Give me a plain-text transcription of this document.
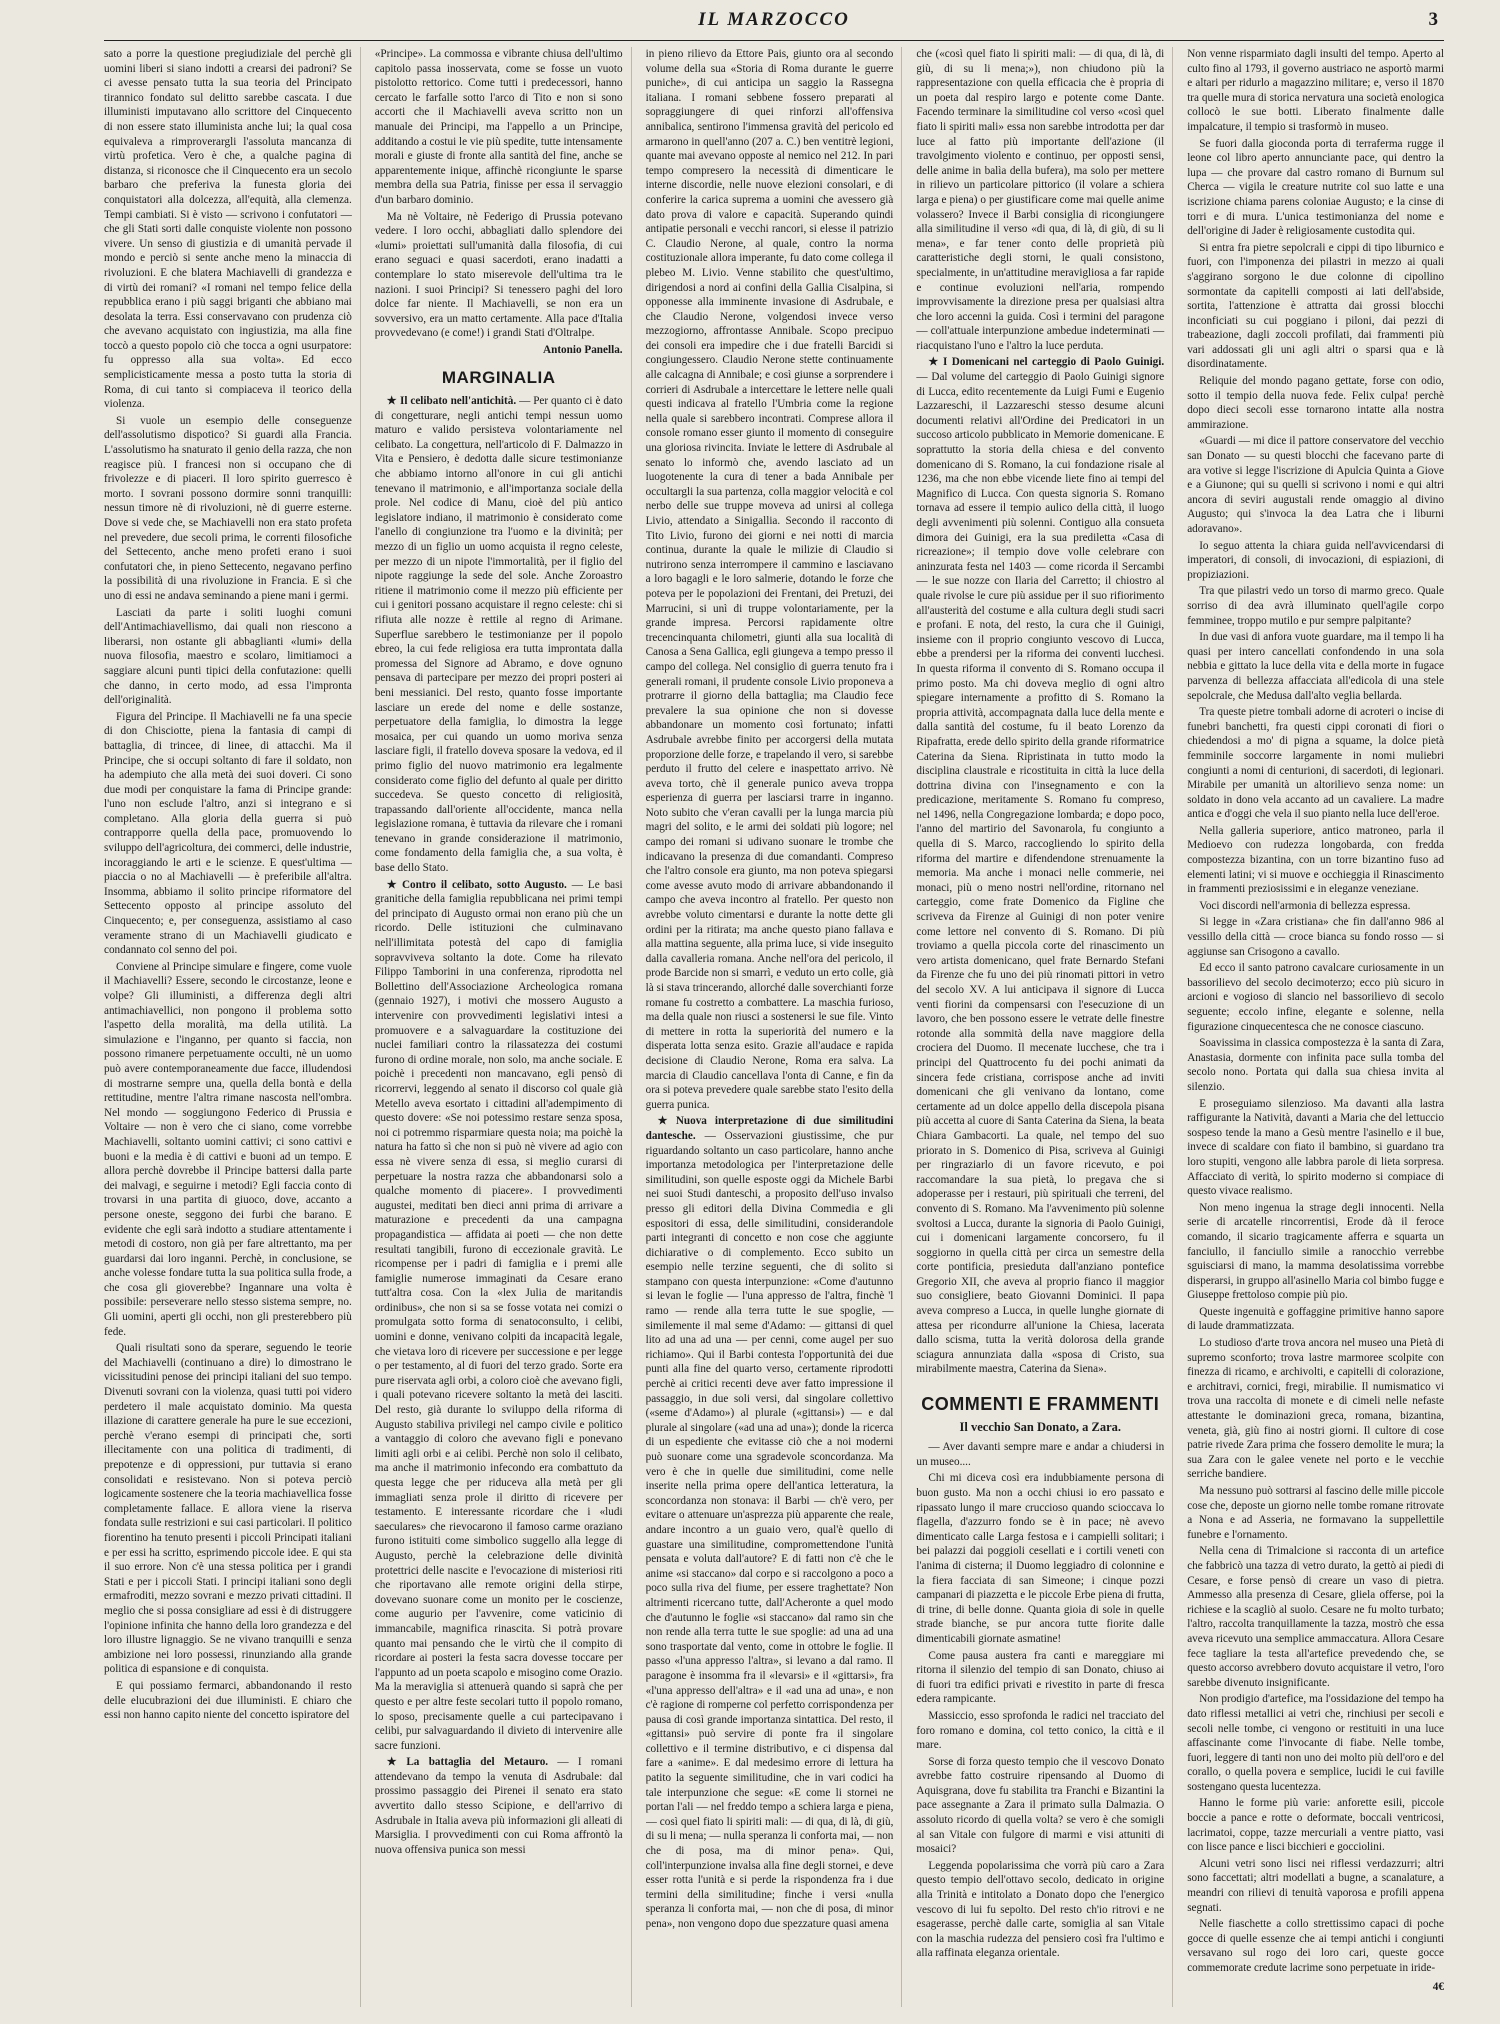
IL MARZOCCO	3

sato a porre la questione pregiudiziale del perchè gli uomini liberi si siano indotti a crearsi dei padroni? Se ci avesse pensato tutta la sua teoria del Principato tirannico fondato sul delitto sarebbe cascata. I due illuministi imputavano allo scrittore del Cinquecento di non essere stato illuminista anche lui; la qual cosa equivaleva a rimproverargli l'assoluta mancanza di virtù profetica. Vero è che, a qualche pagina di distanza, si riconosce che il Cinquecento era un secolo barbaro che preferiva la funesta gloria dei conquistatori alla dolcezza, all'equità, alla clemenza. Tempi cambiati. Si è visto — scrivono i confutatori — che gli Stati sorti dalle conquiste violente non possono vivere. Un senso di giustizia e di umanità pervade il mondo e perciò si sente anche meno la minaccia di rivoluzioni. E che blatera Machiavelli di grandezza e di virtù dei romani? «I romani nel tempo felice della repubblica erano i più saggi briganti che abbiano mai desolata la terra. Essi conservavano con prudenza ciò che avevano acquistato con ingiustizia, ma alla fine toccò a questo popolo ciò che tocca a ogni usurpatore: fu oppresso alla sua volta». Ed ecco semplicisticamente messa a posto tutta la storia di Roma, di cui tanto si compiaceva il teorico della violenza.

Si vuole un esempio delle conseguenze dell'assolutismo dispotico? Si guardi alla Francia. L'assolutismo ha snaturato il genio della razza, che non reagisce più. I francesi non si occupano che di frivolezze e di piaceri. Il loro spirito guerresco è morto. I sovrani possono dormire sonni tranquilli: nessun timore nè di rivoluzioni, nè di guerre esterne. Dove si vede che, se Machiavelli non era stato profeta nel prevedere, due secoli prima, le correnti filosofiche del Settecento, anche meno profeti erano i suoi confutatori che, in pieno Settecento, negavano perfino la possibilità di una rivoluzione in Francia. E sì che uno di essi ne andava seminando a piene mani i germi.

Lasciati da parte i soliti luoghi comuni dell'Antimachiavellismo, dai quali non riescono a liberarsi, non ostante gli abbaglianti «lumi» della nuova filosofia, maestro e scolaro, limitiamoci a saggiare alcuni punti tipici della confutazione: quelli che danno, in certo modo, ad essa l'impronta dell'originalità.

Figura del Principe. Il Machiavelli ne fa una specie di don Chisciotte, piena la fantasia di campi di battaglia, di trincee, di linee, di attacchi. Ma il Principe, che si occupi soltanto di fare il soldato, non ha adempiuto che alla metà dei suoi doveri. Ci sono due modi per conquistare la fama di Principe grande: l'uno non esclude l'altro, anzi si integrano e si completano. Alla gloria della guerra si può contrapporre quella della pace, promuovendo lo sviluppo dell'agricoltura, dei commerci, delle industrie, incoraggiando le arti e le scienze. E quest'ultima — piaccia o no al Machiavelli — è preferibile all'altra. Insomma, abbiamo il solito principe riformatore del Settecento opposto al principe assoluto del Cinquecento; e, per conseguenza, assistiamo al caso veramente strano di un Machiavelli giudicato e condannato col senno del poi.

Conviene al Principe simulare e fingere, come vuole il Machiavelli? Essere, secondo le circostanze, leone e volpe? Gli illuministi, a differenza degli altri antimachiavellici, non pongono il problema sotto l'aspetto della moralità, ma della utilità. La simulazione e l'inganno, per quanto si faccia, non possono rimanere perpetuamente occulti, nè un uomo può avere contemporaneamente due facce, illudendosi di mostrarne sempre una, quella della bontà e della rettitudine, mentre l'altra rimane nascosta nell'ombra. Nel mondo — soggiungono Federico di Prussia e Voltaire — non è vero che ci siano, come vorrebbe Machiavelli, soltanto uomini cattivi; ci sono cattivi e buoni e la media è di cattivi e buoni ad un tempo. E allora perchè dovrebbe il Principe battersi dalla parte dei malvagi, e seguirne i metodi? Egli faccia conto di trovarsi in una partita di giuoco, dove, accanto a persone oneste, seggono dei furbi che barano. E evidente che egli sarà indotto a studiare attentamente i metodi di costoro, non già per fare altrettanto, ma per guardarsi dai loro inganni. Perchè, in conclusione, se anche volesse fondare tutta la sua politica sulla frode, a che cosa gli gioverebbe? Ingannare una volta è possibile: perseverare nello stesso sistema sempre, no. Gli uomini, aperti gli occhi, non gli presterebbero più fede.

Quali risultati sono da sperare, seguendo le teorie del Machiavelli (continuano a dire) lo dimostrano le vicissitudini penose dei principi italiani del suo tempo. Divenuti sovrani con la violenza, quasi tutti poi videro perdetero il male acquistato dominio. Ma questa illazione di carattere generale ha pure le sue eccezioni, perchè v'erano esempi di principati che, sorti illecitamente con una politica di tradimenti, di prepotenze e di oppressioni, pur tuttavia si erano consolidati e resistevano. Non si poteva perciò logicamente sostenere che la teoria machiavellica fosse completamente fallace. E allora viene la riserva fondata sulle restrizioni e sui casi particolari. Il politico fiorentino ha tenuto presenti i piccoli Principati italiani e per essi ha scritto, esprimendo piccole idee. E qui sta il suo errore. Non c'è una stessa politica per i grandi Stati e per i piccoli Stati. I principi italiani sono degli ermafroditi, mezzo sovrani e mezzo privati cittadini. Il meglio che si possa consigliare ad essi è di distruggere l'opinione infinita che hanno della loro grandezza e del loro illustre lignaggio. Se ne vivano tranquilli e senza ambizione nei loro possessi, rinunziando alla grande politica di espansione e di conquista.

E qui possiamo fermarci, abbandonando il resto delle elucubrazioni dei due illuministi. E chiaro che essi non hanno capito niente del concetto ispiratore del

«Principe». La commossa e vibrante chiusa dell'ultimo capitolo passa inosservata, come se fosse un vuoto pistolotto rettorico. Come tutti i predecessori, hanno cercato le farfalle sotto l'arco di Tito e non si sono accorti che il Machiavelli aveva scritto non un manuale dei Principi, ma l'appello a un Principe, additando a costui le vie più spedite, tutte intensamente morali e giuste di fronte alla santità del fine, anche se apparentemente inique, affinchè ricongiunte le sparse membra della sua Patria, finisse per essa il servaggio d'un barbaro dominio.

Ma nè Voltaire, nè Federigo di Prussia potevano vedere. I loro occhi, abbagliati dallo splendore dei «lumi» proiettati sull'umanità dalla filosofia, di cui erano seguaci e quasi sacerdoti, erano inadatti a contemplare lo stato miserevole dell'ultima tra le nazioni. I suoi Principi? Si tenessero paghi del loro dolce far niente. Il Machiavelli, se non era un sovversivo, era un matto certamente. Alla pace d'Italia provvedevano (e come!) i grandi Stati d'Oltralpe.

Antonio Panella.
MARGINALIA

★ Il celibato nell'antichità. — Per quanto ci è dato di congetturare, negli antichi tempi nessun uomo maturo e valido persisteva volontariamente nel celibato. La congettura, nell'articolo di F. Dalmazzo in Vita e Pensiero, è dedotta dalle sicure testimonianze che abbiamo intorno all'onore in cui gli antichi tenevano il matrimonio, e all'importanza sociale della prole. Nel codice di Manu, cioè del più antico legislatore indiano, il matrimonio è considerato come l'anello di congiunzione tra l'uomo e la divinità; per mezzo di un figlio un uomo acquista il regno celeste, per mezzo di un nipote l'immortalità, per il figlio del nipote raggiunge la sede del sole. Anche Zoroastro ritiene il matrimonio come il mezzo più efficiente per cui i genitori possano acquistare il regno celeste: chi si rifiuta alle nozze è rettile al regno di Arimane. Superflue sarebbero le testimonianze per il popolo ebreo, la cui fede religiosa era tutta improntata dalla promessa del Signore ad Abramo, e dove ognuno pensava di partecipare per mezzo dei propri posteri ai beni messianici. Del resto, quanto fosse importante lasciare un erede del nome e delle sostanze, perpetuatore della famiglia, lo dimostra la legge mosaica, per cui quando un uomo moriva senza lasciare figli, il fratello doveva sposare la vedova, ed il primo figlio del nuovo matrimonio era legalmente considerato come figlio del defunto al quale per diritto succedeva. Se questo concetto di religiosità, trapassando dall'oriente all'occidente, manca nella legislazione romana, è tuttavia da rilevare che i romani tenevano in grande considerazione il matrimonio, come fondamento della famiglia che, a sua volta, è base dello Stato.

★ Contro il celibato, sotto Augusto. — Le basi granitiche della famiglia repubblicana nei primi tempi del principato di Augusto ormai non erano più che un ricordo. Delle istituzioni che culminavano nell'illimitata potestà del capo di famiglia sopravviveva soltanto la dote. Come ha rilevato Filippo Tamborini in una conferenza, riprodotta nel Bollettino dell'Associazione Archeologica romana (gennaio 1927), i motivi che mossero Augusto a intervenire con provvedimenti legislativi intesi a promuovere e a salvaguardare la costituzione dei nuclei familiari contro la rilassatezza dei costumi furono di ordine morale, non solo, ma anche sociale. E poichè i precedenti non mancavano, egli pensò di ricorrervi, leggendo al senato il discorso col quale già Metello aveva esortato i cittadini all'adempimento di questo dovere: «Se noi potessimo restare senza sposa, noi ci potremmo risparmiare questa noia; ma poichè la natura ha fatto sì che non si può nè vivere ad agio con essa nè vivere senza di essa, si meglio curarsi di perpetuare la nostra razza che abbandonarsi solo a qualche momento di piacere». I provvedimenti augustei, meditati ben dieci anni prima di arrivare a maturazione e precedenti da una campagna propagandistica — affidata ai poeti — che non dette resultati tangibili, furono di eccezionale gravità. Le ricompense per i padri di famiglia e i premi alle famiglie numerose immaginati da Cesare erano tutt'altra cosa. Con la «lex Julia de maritandis ordinibus», che non si sa se fosse votata nei comizi o promulgata sotto forma di senatoconsulto, i celibi, uomini e donne, venivano colpiti da incapacità legale, che vietava loro di ricevere per successione e per legge o per testamento, al di fuori del terzo grado. Sorte era pure riservata agli orbi, a coloro cioè che avevano figli, i quali potevano ricevere soltanto la metà dei lasciti. Del resto, già durante lo sviluppo della riforma di Augusto stabiliva privilegi nel campo civile e politico a vantaggio di coloro che avevano figli e ponevano limiti agli orbi e ai celibi. Perchè non solo il celibato, ma anche il matrimonio infecondo era combattuto da questa legge che per riduceva alla metà per gli immagliati senza prole il diritto di ricevere per testamento. E interessante ricordare che i «ludi saeculares» che rievocarono il famoso carme oraziano furono istituiti come simbolico suggello alla legge di Augusto, perchè la celebrazione delle divinità protettrici delle nascite e l'evocazione di misteriosi riti che riportavano alle remote origini della stirpe, dovevano suonare come un monito per le coscienze, come augurio per l'avvenire, come vaticinio di immancabile, magnifica rinascita. Si potrà provare quanto mai pensando che le virtù che il compito di ricordare ai posteri la festa sacra dovesse toccare per l'appunto ad un poeta scapolo e misogino come Orazio. Ma la meraviglia si attenuerà quando si saprà che per questo e per altre feste secolari tutto il popolo romano, lo sposo, precisamente quelle a cui partecipavano i celibi, pur salvaguardando il divieto di intervenire alle sacre funzioni.

★ La battaglia del Metauro. — I romani attendevano da tempo la venuta di Asdrubale: dal prossimo passaggio dei Pirenei il senato era stato avvertito dallo stesso Scipione, e dell'arrivo di Asdrubale in Italia aveva più informazioni gli alleati di Marsiglia. I provvedimenti con cui Roma affrontò la nuova offensiva punica son messi

in pieno rilievo da Ettore Pais, giunto ora al secondo volume della sua «Storia di Roma durante le guerre puniche», di cui anticipa un saggio la Rassegna italiana. I romani sebbene fossero preparati al sopraggiungere di quei rinforzi all'offensiva annibalica, sentirono l'immensa gravità del pericolo ed armarono in quell'anno (207 a. C.) ben ventitrè legioni, quante mai avevano opposte al nemico nel 212. In pari tempo compresero la necessità di dimenticare le interne discordie, nelle nuove elezioni consolari, e di conferire la carica suprema a uomini che avessero già dato prova di valore e capacità. Superando quindi antipatie personali e vecchi rancori, si elesse il patrizio C. Claudio Nerone, al quale, contro la norma costituzionale allora imperante, fu dato come collega il plebeo M. Livio. Venne stabilito che quest'ultimo, dirigendosi a nord ai confini della Gallia Cisalpina, si opponesse alla imminente invasione di Asdrubale, e che Claudio Nerone, volgendosi invece verso mezzogiorno, affrontasse Annibale. Scopo precipuo dei consoli era impedire che i due fratelli Barcidi si congiungessero. Claudio Nerone stette continuamente alle calcagna di Annibale; e così giunse a sorprendere i corrieri di Asdrubale a intercettare le lettere nelle quali questi indicava al fratello l'Umbria come la regione nella quale si sarebbero incontrati. Comprese allora il console romano esser giunto il momento di conseguire una gloriosa rivincita. Inviate le lettere di Asdrubale al senato lo informò che, avendo lasciato ad un luogotenente la cura di tener a bada Annibale per occultargli la sua partenza, colla maggior velocità e col nerbo delle sue truppe moveva ad unirsi al collega Livio, attendato a Sinigallia. Secondo il racconto di Tito Livio, furono dei giorni e nei notti di marcia continua, durante la quale le milizie di Claudio si nutrirono senza interrompere il cammino e lasciavano a loro bagagli e le loro salmerie, dotando le forze che poteva per le popolazioni dei Frentani, dei Pretuzi, dei Marrucini, si unì di truppe volontariamente, per la grande impresa. Percorsi rapidamente oltre trecencinquanta chilometri, giunti alla sua località di Canosa a Sena Gallica, egli giungeva a tempo presso il campo del collega. Nel consiglio di guerra tenuto fra i generali romani, il prudente console Livio proponeva a protrarre il giorno della battaglia; ma Claudio fece prevalere la sua opinione che non si dovesse abbandonare un momento così fortunato; infatti Asdrubale avrebbe finito per accorgersi della mutata proporzione delle forze, e trapelando il vero, si sarebbe perduto il frutto del celere e inaspettato arrivo. Nè aveva torto, chè il generale punico aveva troppa esperienza di guerra per lasciarsi trarre in inganno. Noto subito che v'eran cavalli per la lunga marcia più magri del solito, e le armi dei soldati più logore; nel campo dei romani si udivano suonare le trombe che indicavano la presenza di due comandanti. Compreso che l'altro console era giunto, ma non poteva spiegarsi come avesse avuto modo di arrivare abbandonando il campo che aveva incontro al fratello. Per questo non avrebbe voluto cimentarsi e durante la notte dette gli ordini per la ritirata; ma anche questo piano fallava e alla mattina seguente, alla prima luce, si vide inseguito dalla cavalleria romana. Anche nell'ora del pericolo, il prode Barcide non si smarrì, e veduto un erto colle, già là si stava trincerando, allorché dalle soverchianti forze romane fu costretto a combattere. La maschia furioso, ma della quale non riusci a sostenersi le sue file. Vinto di mettere in rotta la superiorità del numero e la disperata lotta senza esito. Grazie all'audace e rapida decisione di Claudio Nerone, Roma era salva. La marcia di Claudio cancellava l'onta di Canne, e fin da ora si poteva prevedere quale sarebbe stato l'esito della guerra punica.

★ Nuova interpretazione di due similitudini dantesche. — Osservazioni giustissime, che pur riguardando soltanto un caso particolare, hanno anche importanza metodologica per l'interpretazione delle similitudini, son quelle esposte oggi da Michele Barbi nei suoi Studi danteschi, a proposito dell'uso invalso presso gli editori della Divina Commedia e gli espositori di essa, delle similitudini, considerandole parti integranti di concetto e non cose che aggiunte dichiarative o di complemento. Ecco subito un esempio nelle terzine seguenti, che di solito si stampano con questa interpunzione: «Come d'autunno si levan le foglie — l'una appresso de l'altra, finchè 'l ramo — rende alla terra tutte le sue spoglie, — similemente il mal seme d'Adamo: — gittansi di quel lito ad una ad una — per cenni, come augel per suo richiamo». Qui il Barbi contesta l'opportunità dei due punti alla fine del quarto verso, certamente riprodotti perchè ai critici recenti deve aver fatto impressione il passaggio, in due soli versi, dal singolare collettivo («seme d'Adamo») al plurale («gittansi») — e dal plurale al singolare («ad una ad una»); donde la ricerca di un espediente che evitasse ciò che a noi moderni può suonare come una sgradevole sconcordanza. Ma vero è che in quelle due similitudini, come nelle inserite nella prima opere dell'antica letteratura, la sconcordanza non stonava: il Barbi — ch'è vero, per evitare o attenuare un'asprezza più apparente che reale, andare incontro a un guaio vero, qual'è quello di guastare una similitudine, compromettendone l'unità pensata e voluta dall'autore? E di fatti non c'è che le anime «si staccano» dal corpo e si raccolgono a poco a poco sulla riva del fiume, per essere traghettate? Non altrimenti ricercano tutte, dall'Acheronte a quel modo che d'autunno le foglie «si staccano» dal ramo sin che non rende alla terra tutte le sue spoglie: ad una ad una sono trasportate dal vento, come in ottobre le foglie. Il passo «l'una appresso l'altra», si levano a dal ramo. Il paragone è insomma fra il «levarsi» e il «gittarsi», fra «l'una appresso dell'altra» e il «ad una ad una», e non c'è ragione di romperne col perfetto corrispondenza per pausa di così grande importanza sintattica. Del resto, il «gittansi» può servire di ponte fra il singolare collettivo e il termine distributivo, e ci dispensa dal fare a «anime». E dal medesimo errore di lettura ha patito la seguente similitudine, che in vari codici ha tale interpunzione che segue: «E come li stornei ne portan l'ali — nel freddo tempo a schiera larga e piena, — così quel fiato li spiriti mali: — di qua, di là, di giù, di su li mena; — nulla speranza li conforta mai, — non che di posa, ma di minor pena». Qui, coll'interpunzione invalsa alla fine degli stornei, e deve esser rotta l'unità e si perde la rispondenza fra i due termini della similitudine; finche i versi «nulla speranza li conforta mai, — non che di posa, di minor pena», non vengono dopo due spezzature quasi amena

che («così quel fiato li spiriti mali: — di qua, di là, di giù, di su li mena;»), non chiudono più la rappresentazione con quella efficacia che è propria di un poeta dal respiro largo e potente come Dante. Facendo terminare la similitudine col verso «così quel fiato li spiriti mali» essa non sarebbe introdotta per dar luce al fatto più importante dell'azione (il travolgimento violento e continuo, per opposti sensi, delle anime in balìa della bufera), ma solo per mettere in rilievo un particolare pittorico (il volare a schiera larga e piena) o per giustificare come mai quelle anime volassero? Invece il Barbi consiglia di ricongiungere alla similitudine il verso «di qua, di là, di giù, di su li mena», e far tener conto delle proprietà più caratteristiche degli storni, le quali consistono, specialmente, in un'attitudine meravigliosa a far rapide e continue evoluzioni nell'aria, rompendo improvvisamente la direzione presa per qualsiasi altra che loro accenni la guida. Così i termini del paragone — coll'attuale interpunzione ambedue indeterminati — riacquistano l'uno e l'altro la luce perduta.

★ I Domenicani nel carteggio di Paolo Guinigi. — Dal volume del carteggio di Paolo Guinigi signore di Lucca, edito recentemente da Luigi Fumi e Eugenio Lazzareschi, il Lazzareschi stesso desume alcuni documenti relativi all'Ordine dei Predicatori in un succoso articolo pubblicato in Memorie domenicane. E soprattutto la storia della chiesa e del convento domenicano di S. Romano, la cui fondazione risale al 1236, ma che non ebbe vicende liete fino ai tempi del Magnifico di Lucca. Con questa signoria S. Romano tornava ad essere il tempio aulico della città, il luogo degli avvenimenti più solenni. Contiguo alla consueta dimora dei Guinigi, era la sua prediletta «Casa di ricreazione»; il tempio dove volle celebrare con aninzurata festa nel 1403 — come ricorda il Sercambi — le sue nozze con Ilaria del Carretto; il chiostro al quale rivolse le cure più assidue per il suo rifiorimento all'austerità del costume e alla cultura degli studi sacri e profani. E nota, del resto, la cura che il Guinigi, insieme con il proprio congiunto vescovo di Lucca, ebbe a prendersi per la riforma dei conventi lucchesi. In questa riforma il convento di S. Romano occupa il primo posto. Ma chi doveva meglio di ogni altro spiegare internamente a profitto di S. Romano la propria attività, accompagnata dalla luce della mente e dalla santità del costume, fu il beato Lorenzo da Ripafratta, erede dello spirito della grande riformatrice Caterina da Siena. Ripristinata in tutto modo la disciplina claustrale e ricostituita in città la luce della dottrina divina con l'insegnamento e con la predicazione, meritamente S. Romano fu compreso, nel 1496, nella Congregazione lombarda; e dopo poco, l'anno del martirio del Savonarola, fu congiunto a quella di S. Marco, raccogliendo lo spirito della riforma del martire e difendendone strenuamente la memoria. Ma anche i monaci nelle commerie, nei monaci, più o meno nostri nell'ordine, ritornano nel carteggio, come frate Domenico da Figline che scriveva da Firenze al Guinigi di non poter venire come lettore nel convento di S. Romano. Di più troviamo a quella piccola corte del rinascimento un vero artista domenicano, quel frate Bernardo Stefani da Firenze che fu uno dei più rinomati pittori in vetro del secolo XV. A lui anticipava il signore di Lucca venti fiorini da compensarsi con l'esecuzione di un lavoro, che ben possono essere le vetrate delle finestre rotonde alla sommità della nave maggiore della crociera del Duomo. Il mecenate lucchese, che tra i principi del Quattrocento fu dei pochi animati da sincera fede cristiana, corrispose anche ad inviti domenicani che gli venivano da lontano, come certamente ad un dolce appello della discepola pisana più accetta al cuore di Santa Caterina da Siena, la beata Chiara Gambacorti. La quale, nel tempo del suo priorato in S. Domenico di Pisa, scriveva al Guinigi per ringraziarlo di un favore ricevuto, e poi raccomandare la sua pietà, lo pregava che si adoperasse per i restauri, più spirituali che terreni, del convento di S. Romano. Ma l'avvenimento più solenne svoltosi a Lucca, durante la signoria di Paolo Guinigi, cui i domenicani largamente concorsero, fu il soggiorno in quella città per circa un semestre della corte pontificia, presieduta dall'anziano pontefice Gregorio XII, che aveva al proprio fianco il maggior suo consigliere, beato Giovanni Dominici. Il papa aveva compreso a Lucca, in quelle lunghe giornate di attesa per ricondurre all'unione la Chiesa, lacerata dallo scisma, tutta la verità dolorosa della grande sciagura annunziata dalla «sposa di Cristo, sua mirabilmente maestra, Caterina da Siena».

COMMENTI E FRAMMENTI
Il vecchio San Donato, a Zara.

— Aver davanti sempre mare e andar a chiudersi in un museo....

Chi mi diceva così era indubbiamente persona di buon gusto. Ma non a occhi chiusi io ero passato e ripassato lungo il mare cruccioso quando scioccava lo flagella, d'azzurro fondo se è in pace; nè avevo dimenticato calle Larga festosa e i campielli solitari; i bei palazzi dai poggioli cesellati e i cortili veneti con l'anima di cisterna; il Duomo leggiadro di colonnine e la fiera facciata di san Simeone; i cinque pozzi campanari di piazzetta e le piccole Erbe piena di frutta, di trine, di belle donne. Quanta gioia di sole in quelle strade bianche, se pur ancora tutte fiorite dalle dimenticabili giornate asmatine!

Come pausa austera fra canti e mareggiare mi ritorna il silenzio del tempio di san Donato, chiuso ai di fuori tra edifici privati e rivestito in parte di fresca edera rampicante.

Massiccio, esso sprofonda le radici nel tracciato del foro romano e domina, col tetto conico, la città e il mare.

Sorse di forza questo tempio che il vescovo Donato avrebbe fatto costruire ripensando al Duomo di Aquisgrana, dove fu stabilita tra Franchi e Bizantini la pace assegnante a Zara il primato sulla Dalmazia. O assoluto ricordo di quella volta? se vero è che somigli al san Vitale con fulgore di marmi e visi attuniti di mosaici?

Leggenda popolarissima che vorrà più caro a Zara questo tempio dell'ottavo secolo, dedicato in origine alla Trinità e intitolato a Donato dopo che l'energico vescovo di lui fu sepolto. Del resto ch'io ritrovi e ne esagerasse, perchè dalle carte, somiglia al san Vitale con la maschia rudezza del pensiero così fra l'ultimo e alla raffinata eleganza orientale.

Non venne risparmiato dagli insulti del tempo. Aperto al culto fino al 1793, il governo austriaco ne asportò marmi e altari per ridurlo a magazzino militare; e, verso il 1870 tra quelle mura di storica nervatura una società enologica collocò le sue botti. Liberato finalmente dalle impalcature, il tempio si trasformò in museo.

Se fuori dalla gioconda porta di terraferma rugge il leone col libro aperto annunciante pace, qui dentro la lupa — che provare dal castro romano di Burnum sul Cherca — vigila le creature nutrite col suo latte e una iscrizione chiama parens coloniae Augusto; e la cinse di torri e di mura. L'unica testimonianza del nome e dell'origine di Jader è religiosamente custodita qui.

Si entra fra pietre sepolcrali e cippi di tipo liburnico e fuori, con l'imponenza dei pilastri in mezzo ai quali s'aggirano sorgono le due colonne di cipollino sormontate da capitelli composti ai lati dell'abside, sortita, l'attenzione è attratta dai grossi blocchi inconficiati su cui poggiano i piloni, dai pezzi di trabeazione, dagli zoccoli profilati, dai frammenti più vari addossati gli uni agli altri o sparsi qua e là disordinatamente.

Reliquie del mondo pagano gettate, forse con odio, sotto il tempio della nuova fede. Felix culpa! perchè dopo dieci secoli esse tornarono intatte alla nostra ammirazione.

«Guardi — mi dice il pattore conservatore del vecchio san Donato — su questi blocchi che facevano parte di ara votive si legge l'iscrizione di Apulcia Quinta a Giove e a Giunone; qui su quelli si scrivono i nomi e qui altri ancora di seviri augustali rende omaggio al divino Augusto; qui s'invoca la dea Latra che i liburni adoravano».

Io seguo attenta la chiara guida nell'avvicendarsi di imperatori, di consoli, di invocazioni, di espiazioni, di propiziazioni.

Tra que pilastri vedo un torso di marmo greco. Quale sorriso di dea avrà illuminato quell'agile corpo femminee, troppo mutilo e pur sempre palpitante?

In due vasi di anfora vuote guardare, ma il tempo li ha quasi per intero cancellati confondendo in una sola nebbia e gittato la luce della vita e della morte in fugace parvenza di bellezza affacciata all'edicola di una stele sepolcrale, che Medusa dall'alto veglia bellarda.

Tra queste pietre tombali adorne di acroteri o incise di funebri banchetti, fra questi cippi coronati di fiori o chiedendosi a mo' di pigna a squame, la dolce pietà femminile soccorre largamente in nomi muliebri congiunti a nomi di centurioni, di sacerdoti, di legionari. Mirabile per umanità un altorilievo senza nome: un soldato in dono vela accanto ad un cavaliere. La madre antica e d'oggi che vela il suo pianto nella luce dell'eroe.

Nella galleria superiore, antico matroneo, parla il Medioevo con rudezza longobarda, con fredda compostezza bizantina, con un torre bizantino fuso ad elementi latini; vi si muove e occhieggia il Rinascimento in frammenti preziosissimi e in eleganze veneziane.

Voci discordi nell'armonia di bellezza espressa.

Si legge in «Zara cristiana» che fin dall'anno 986 al vessillo della città — croce bianca su fondo rosso — si aggiunse san Crisogono a cavallo.

Ed ecco il santo patrono cavalcare curiosamente in un bassorilievo del secolo decimoterzo; ecco più sicuro in arcioni e vogioso di slancio nel bassorilievo di secolo seguente; eccolo infine, elegante e solenne, nella figurazione cinquecentesca che ne conosce ciascuno.

Soavissima in classica compostezza è la santa di Zara, Anastasia, dormente con infinita pace sulla tomba del secolo nono. Portata qui dalla sua chiesa invita al silenzio.

E proseguiamo silenzioso. Ma davanti alla lastra raffigurante la Natività, davanti a Maria che del lettuccio sospeso tende la mano a Gesù mentre l'asinello e il bue, invece di scaldare con fiato il bambino, si guardano tra loro stupiti, vengono alle labbra parole di lieta sorpresa. Affacciato di verità, lo spirito moderno si compiace di questo vivace realismo.

Non meno ingenua la strage degli innocenti. Nella serie di arcatelle rincorrentisi, Erode dà il feroce comando, il sicario tragicamente afferra e squarta un fanciullo, il fanciullo simile a ranocchio verrebbe sguisciarsi di mano, la mamma desolatissima vorrebbe disperarsi, in gruppo all'asinello Maria col bimbo fugge e Giuseppe frettoloso compie più pio.

Queste ingenuità e goffaggine primitive hanno sapore di laude drammatizzata.

Lo studioso d'arte trova ancora nel museo una Pietà di supremo sconforto; trova lastre marmoree scolpite con finezza di ricamo, e archivolti, e capitelli di colorazione, e architravi, cornici, fregi, mirabilie. Il numismatico vi trova una raccolta di monete e di cimeli nelle nefaste attestante le dominazioni greca, romana, bizantina, veneta, già, giù fino ai nostri giorni. Il cultore di cose patrie rivede Zara prima che fossero demolite le mura; la sua Zara con le galee venete nel porto e le vecchie serriche bandiere.

Ma nessuno può sottrarsi al fascino delle mille piccole cose che, deposte un giorno nelle tombe romane ritrovate a Nona e ad Asseria, ne formavano la suppellettile funebre e l'ornamento.

Nella cena di Trimalcione si racconta di un artefice che fabbricò una tazza di vetro durato, la gettò ai piedi di Cesare, e forse pensò di creare un vaso di pietra. Ammesso alla presenza di Cesare, gliela offerse, poi la richiese e la scagliò al suolo. Cesare ne fu molto turbato; l'altro, raccolta tranquillamente la tazza, mostrò che essa aveva ricevuto una semplice ammaccatura. Allora Cesare fece tagliare la testa all'artefice prevedendo che, se questo accorso avrebbero dovuto acquistare il vetro, l'oro sarebbe divenuto insignificante.

Non prodigio d'artefice, ma l'ossidazione del tempo ha dato riflessi metallici ai vetri che, rinchiusi per secoli e secoli nelle tombe, ci vengono or restituiti in una luce affascinante come l'invocante di fiabe. Nelle tombe, fuori, leggere di tanti non uno dei molto più dell'oro e del corallo, o quella povera e semplice, lucidi le cui faville sostengano questa lucentezza.

Hanno le forme più varie: anforette esili, piccole boccie a pance e rotte o deformate, boccali ventricosi, lacrimatoi, coppe, tazze mercuriali a ventre piatto, vasi con lisce pance e lisci bicchieri e gocciolini.

Alcuni vetri sono lisci nei riflessi verdazzurri; altri sono faccettati; altri modellati a bugne, a scanalature, a meandri con rilievi di tenuità vaporosa e profili appena segnati.

Nelle fiaschette a collo strettissimo capaci di poche gocce di quelle essenze che ai tempi antichi i congiunti versavano sul rogo dei loro cari, queste gocce commemorate credute lacrime sono perpetuate in iride-

4€
